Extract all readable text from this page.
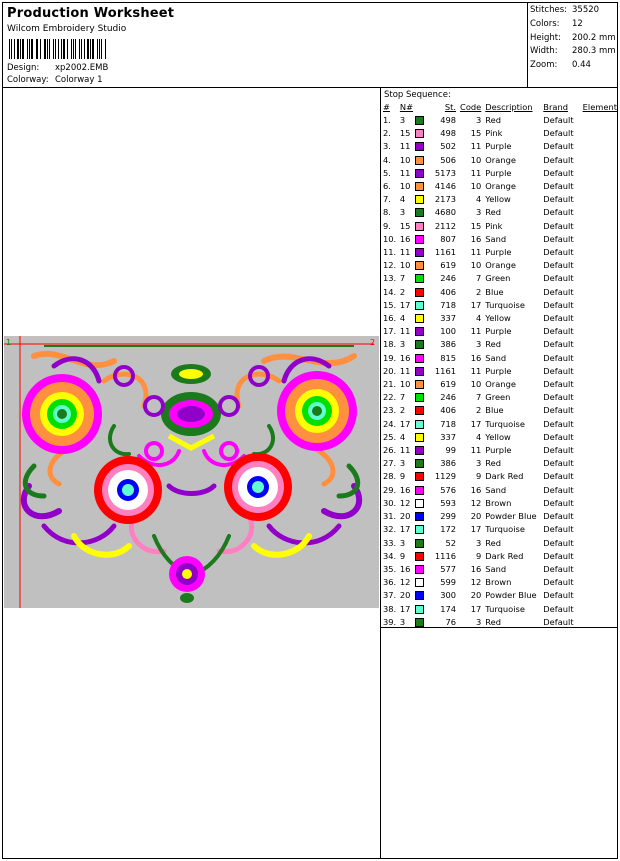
Production Worksheet
Wilcom Embroidery Studio
Design: xp2002.EMB
Colorway: Colorway 1
Stitches: 35520
Colors: 12
Height: 200.2 mm
Width: 280.3 mm
Zoom: 0.44
1	2
Stop Sequence:
#	N#		St.	Code	Description	Brand	Element
1.	3		498	3	Red	Default	
2.	15		498	15	Pink	Default	
3.	11		502	11	Purple	Default	
4.	10		506	10	Orange	Default	
5.	11		5173	11	Purple	Default	
6.	10		4146	10	Orange	Default	
7.	4		2173	4	Yellow	Default	
8.	3		4680	3	Red	Default	
9.	15		2112	15	Pink	Default	
10.	16		807	16	Sand	Default	
11.	11		1161	11	Purple	Default	
12.	10		619	10	Orange	Default	
13.	7		246	7	Green	Default	
14.	2		406	2	Blue	Default	
15.	17		718	17	Turquoise	Default	
16.	4		337	4	Yellow	Default	
17.	11		100	11	Purple	Default	
18.	3		386	3	Red	Default	
19.	16		815	16	Sand	Default	
20.	11		1161	11	Purple	Default	
21.	10		619	10	Orange	Default	
22.	7		246	7	Green	Default	
23.	2		406	2	Blue	Default	
24.	17		718	17	Turquoise	Default	
25.	4		337	4	Yellow	Default	
26.	11		99	11	Purple	Default	
27.	3		386	3	Red	Default	
28.	9		1129	9	Dark Red	Default	
29.	16		576	16	Sand	Default	
30.	12		593	12	Brown	Default	
31.	20		299	20	Powder Blue	Default	
32.	17		172	17	Turquoise	Default	
33.	3		52	3	Red	Default	
34.	9		1116	9	Dark Red	Default	
35.	16		577	16	Sand	Default	
36.	12		599	12	Brown	Default	
37.	20		300	20	Powder Blue	Default	
38.	17		174	17	Turquoise	Default	
39.	3		76	3	Red	Default	
